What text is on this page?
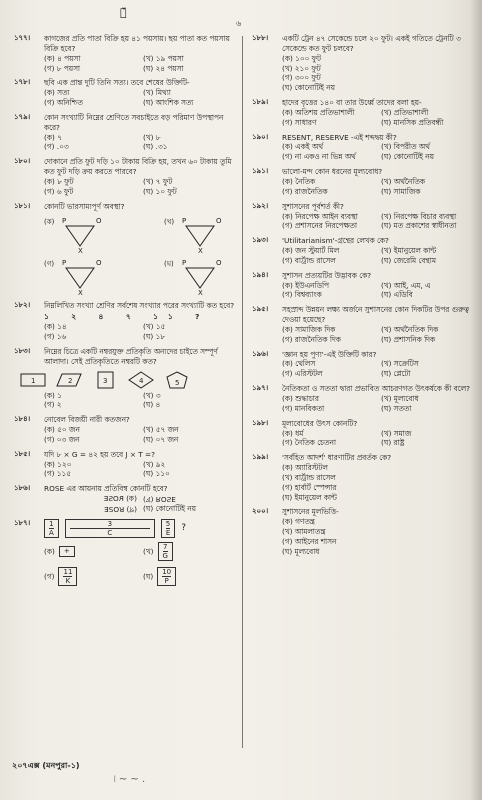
২̀́
৬
১৭৭।	কাগজের প্রতি পাতা বিক্রি হয় ৪১ পয়সায়। ছয় পাতা কত পয়সায় বিক্রি হবে?
(ক) ৪ পয়সা	(খ) ১৯ পয়সা
(গ) ৮ পয়সা	(ঘ) ২৪ পয়সা
১৭৮।	ছবি এক প্রান্ত দুটি তিনি সত্য। তবে শেষের উক্তিটি-
(ক) সত্য	(খ) মিথ্যা
(গ) অনিশ্চিত	(ঘ) আংশিক সত্য
১৭৯।	কোন সংখ্যাটি নিম্নের শ্রেণিতে সবচাইতে বড় পরিমাণ উপস্থাপন করে?
(ক) ৭	(খ) ৮
(গ) .০৩	(ঘ) .৩১
১৮০।	দোকানে প্রতি ফুট দড়ি ১০ টাকায় বিক্রি হয়, তখন ৬০ টাকায় তুমি কত ফুট দড়ি ক্রয় করতে পারবে?
(ক) ৮ ফুট	(খ) ৭ ফুট
(গ) ৬ ফুট	(ঘ) ১০ ফুট
১৮১।	কোনটি ভারসাম্যপূর্ণ অবস্থা?
(ক) P	O
X
(খ) P	O
X
(গ) P	O
X
(ঘ) P	O
X
১৮২।	নিম্নলিখিত সংখ্যা শ্রেণির সর্বশেষ সংখ্যার পরের সংখ্যাটি কত হবে?
১ ২ ৪ ৭ ১১ ?
(ক) ১৪	(খ) ১৫
(গ) ১৬	(ঘ) ১৮
১৮৩।	নিম্নের চিত্রে একটি নম্বরযুক্ত প্রতিকৃতি অন্যদের চাইতে সম্পূর্ণ আলাদা। সেই প্রতিকৃতিতে নম্বরটি কত?
1	2	3	4	5
(ক) ১	(খ) ৩
(গ) ২	(ঘ) ৪
১৮৪।	নোবেল বিজয়ী নারী কতজন?
(ক) ৫০ জন	(খ) ৫৭ জন
(গ) ০৩ জন	(ঘ) ০৭ জন
১৮৫।	যদি ৮ × G = ৪২ হয় তবে J × T =?
(ক) ১২০	(খ) ৯২
(গ) ১১৫	(ঘ) ১১০
১৮৬।	ROSE এর আয়নায় প্রতিবিম্ব কোনটি হবে?
(ক) ROSE (খ) ROSE
(গ) ROSE (ঘ) কোনোটিই নয়
১৮৭।	$\frac{1}{A} \frac{3}{C} \frac{5}{E}$ ?
(ক) +	(খ) $\frac{7}{G}$
(গ) $\frac{11}{K}$	(ঘ) $\frac{10}{P}$
১৮৮।	একটি ট্রেন ৪৭ সেকেন্ডে চলে ২০ ফুট। একই গতিতে ট্রেনটি ৩ সেকেন্ডে কত ফুট চলবে?
(ক) ১০০ ফুট
(খ) ২১০ ফুট
(গ) ৩০০ ফুট
(ঘ) কোনোটিই নয়
১৮৯।	হাদের বৃত্তের ১৪০ বা তার উর্ধ্বে তাদের বলা হয়-
(ক) অতিশয় প্রতিভাশালী	(খ) প্রতিভাশালী
(গ) সাধারণ	(ঘ) মানসিক প্রতিবন্ধী
১৯০।	RESENT, RESERVE -এই শব্দদ্বয় কী?
(ক) একই অর্থ	(খ) বিপরীত অর্থ
(গ) না একও না ভিন্ন অর্থ	(ঘ) কোনোটিই নয়
১৯১।	ভালো-মন্দ কোন ধরনের মূল্যবোধ?
(ক) নৈতিক	(খ) অর্থনৈতিক
(গ) রাজনৈতিক	(ঘ) সামাজিক
১৯২।	সুশাসনের পূর্বশর্ত কী?
(ক) নিরপেক্ষ আইন ব্যবস্থা	(খ) নিরপেক্ষ বিচার ব্যবস্থা
(গ) প্রশাসনের নিরপেক্ষতা	(ঘ) মত প্রকাশের স্বাধীনতা
১৯৩।	'Utilitarianism'-গ্রন্থের লেখক কে?
(ক) জন স্টুয়ার্ট মিল	(খ) ইমানুয়েল কান্ট
(গ) বার্ট্রান্ড রাসেল	(ঘ) জেরেমি বেন্থাম
১৯৪।	সুশাসন প্রত্যয়টির উদ্ভাবক কে?
(ক) ইউএনডিপি	(খ) আই, এম, এ
(গ) বিশ্বব্যাংক	(ঘ) এডিবি
১৯৫।	সহস্রাব্দ উন্নয়ন লক্ষ্য অর্জনে সুশাসনের কোন দিকটির উপর গুরুত্ব দেওয়া হয়েছে?
(ক) সামাজিক দিক	(খ) অর্থনৈতিক দিক
(গ) রাজনৈতিক দিক	(ঘ) প্রশাসনিক দিক
১৯৬।	'জ্ঞান হয় পুণ্য'-এই উক্তিটি কার?
(ক) থেলিস	(খ) সক্রেটিস
(গ) এরিস্টটল	(ঘ) প্লেটো
১৯৭।	নৈতিকতা ও সততা দ্বারা প্রভাবিত আচরণগত উৎকর্ষকে কী বলে?
(ক) শুদ্ধাচার	(খ) মূল্যবোধ
(গ) মানবিকতা	(ঘ) সততা
১৯৮।	মূল্যবোধের উৎস কোনটি?
(ক) ধর্ম	(খ) সমাজ
(গ) নৈতিক চেতনা	(ঘ) রাষ্ট্র
১৯৯।	'সর্বহিত আদর্শ' ধারণাটির প্রবর্তক কে?
(ক) অ্যারিস্টটল
(খ) বার্ট্রান্ড রাসেল
(গ) হার্বার্ট স্পেন্সার
(ঘ) ইমানুয়েল কান্ট
২০০।	সুশাসনের মূলভিত্তি-
(ক) গণতন্ত্র
(খ) আমলাতন্ত্র
(গ) আইনের শাসন
(ঘ) মূল্যবোধ
২০৭এক্স (মনপুরা-১)
৷ ~ ~ .
